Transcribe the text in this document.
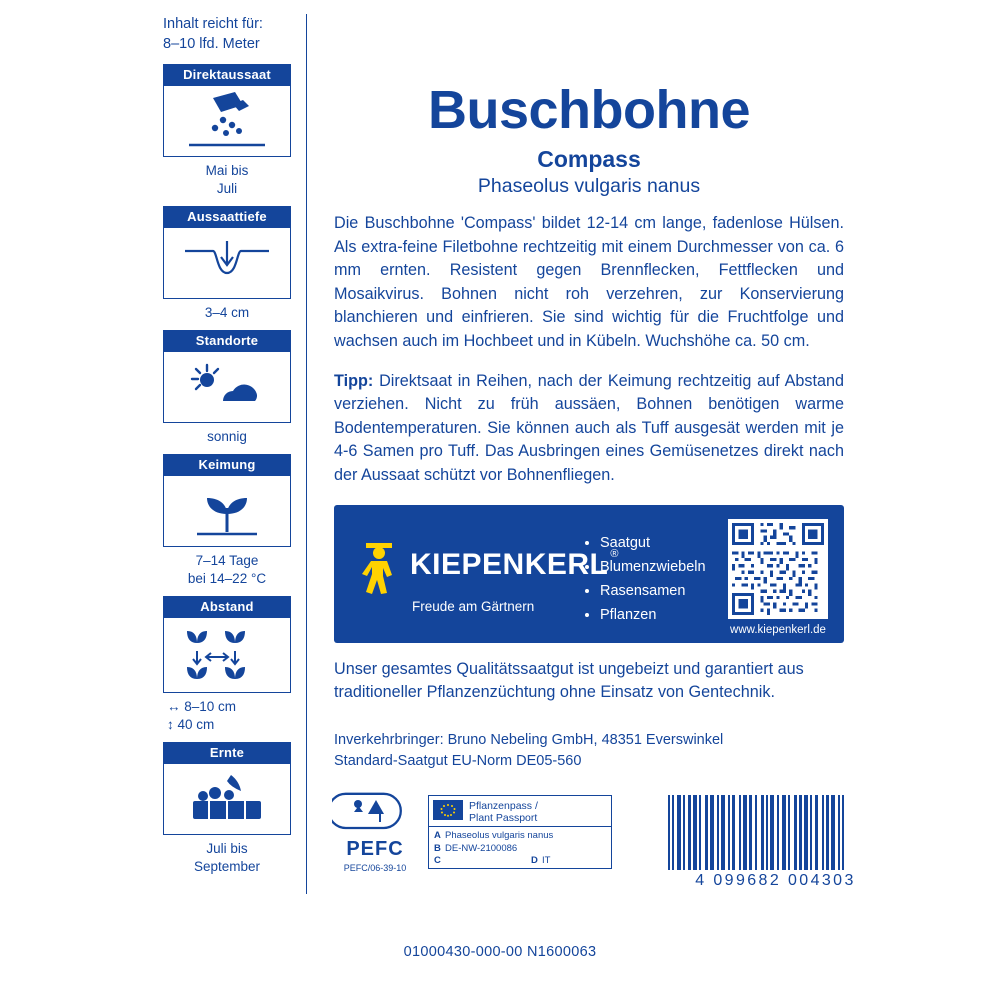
Inhalt reicht für:
8–10 lfd. Meter
Direktaussaat
Mai bis
Juli
Aussaattiefe
3–4 cm
Standorte
sonnig
Keimung
7–14 Tage
bei 14–22 °C
Abstand
↔ 8–10 cm
↕ 40 cm
Ernte
Juli bis
September
Buschbohne
Compass
Phaseolus vulgaris nanus

Die Buschbohne 'Compass' bildet 12-14 cm lange, fadenlose Hülsen. Als extra-feine Filetbohne rechtzeitig mit einem Durchmesser von ca. 6 mm ernten. Resistent gegen Brennflecken, Fettflecken und Mosaikvirus. Bohnen nicht roh verzehren, zur Konservierung blanchieren und einfrieren. Sie sind wichtig für die Fruchtfolge und wachsen auch im Hochbeet und in Kübeln. Wuchshöhe ca. 50 cm.

Tipp: Direktsaat in Reihen, nach der Keimung rechtzeitig auf Abstand verziehen. Nicht zu früh aussäen, Bohnen benötigen warme Bodentemperaturen. Sie können auch als Tuff ausgesät werden mit je 4-6 Samen pro Tuff. Das Ausbringen eines Gemüsenetzes direkt nach der Aussaat schützt vor Bohnenfliegen.

KIEPENKERL ®
Freude am Gärtnern
• Saatgut
• Blumenzwiebeln
• Rasensamen
• Pflanzen
www.kiepenkerl.de
Unser gesamtes Qualitätssaatgut ist ungebeizt und garantiert aus traditioneller Pflanzenzüchtung ohne Einsatz von Gentechnik.
Inverkehrbringer: Bruno Nebeling GmbH, 48351 Everswinkel
Standard-Saatgut EU-Norm DE05-560
PEFC
PEFC/06-39-10
Pflanzenpass /
Plant Passport
A Phaseolus vulgaris nanus
B DE-NW-2100086
C	D IT
4 099682 004303
01000430-000-00 N1600063
